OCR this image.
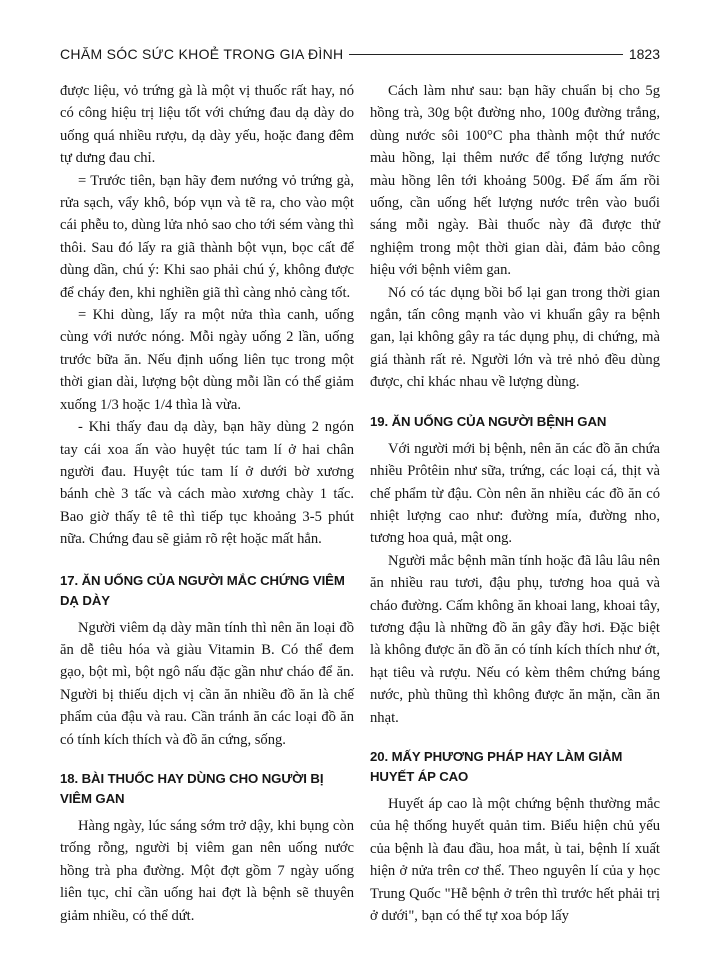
CHĂM SÓC SỨC KHOẺ TRONG GIA ĐÌNH	1823

được liệu, vỏ trứng gà là một vị thuốc rất hay, nó có công hiệu trị liệu tốt với chứng đau dạ dày do uống quá nhiều rượu, dạ dày yếu, hoặc đang đêm tự dưng đau chỉ.

= Trước tiên, bạn hãy đem nướng vỏ trứng gà, rửa sạch, vẩy khô, bóp vụn và tẽ ra, cho vào một cái phễu to, dùng lửa nhỏ sao cho tới sém vàng thì thôi. Sau đó lấy ra giã thành bột vụn, bọc cất để dùng dần, chú ý: Khi sao phải chú ý, không được để cháy đen, khi nghiền giã thì càng nhỏ càng tốt.

= Khi dùng, lấy ra một nửa thìa canh, uống cùng với nước nóng. Mỗi ngày uống 2 lần, uống trước bữa ăn. Nếu định uống liên tục trong một thời gian dài, lượng bột dùng mỗi lần có thể giảm xuống 1/3 hoặc 1/4 thìa là vừa.

- Khi thấy đau dạ dày, bạn hãy dùng 2 ngón tay cái xoa ấn vào huyệt túc tam lí ở hai chân người đau. Huyệt túc tam lí ở dưới bờ xương bánh chè 3 tấc và cách mào xương chày 1 tấc. Bao giờ thấy tê tê thì tiếp tục khoảng 3-5 phút nữa. Chứng đau sẽ giảm rõ rệt hoặc mất hẳn.

17. ĂN UỐNG CỦA NGƯỜI MẮC CHỨNG VIÊM DẠ DÀY

Người viêm dạ dày mãn tính thì nên ăn loại đồ ăn dễ tiêu hóa và giàu Vitamin B. Có thể đem gạo, bột mì, bột ngô nấu đặc gần như cháo để ăn. Người bị thiếu dịch vị cần ăn nhiều đồ ăn là chế phẩm của đậu và rau. Cần tránh ăn các loại đồ ăn có tính kích thích và đồ ăn cứng, sống.

18. BÀI THUỐC HAY DÙNG CHO NGƯỜI BỊ VIÊM GAN

Hàng ngày, lúc sáng sớm trở dậy, khi bụng còn trống rỗng, người bị viêm gan nên uống nước hồng trà pha đường. Một đợt gồm 7 ngày uống liên tục, chỉ cần uống hai đợt là bệnh sẽ thuyên giảm nhiều, có thể dứt.

Cách làm như sau: bạn hãy chuẩn bị cho 5g hồng trà, 30g bột đường nho, 100g đường trắng, dùng nước sôi 100°C pha thành một thứ nước màu hồng, lại thêm nước để tổng lượng nước màu hồng lên tới khoảng 500g. Để ấm ấm rồi uống, cần uống hết lượng nước trên vào buổi sáng mỗi ngày. Bài thuốc này đã được thử nghiệm trong một thời gian dài, đảm bảo công hiệu với bệnh viêm gan.

Nó có tác dụng bồi bổ lại gan trong thời gian ngắn, tấn công mạnh vào vi khuẩn gây ra bệnh gan, lại không gây ra tác dụng phụ, di chứng, mà giá thành rất rẻ. Người lớn và trẻ nhỏ đều dùng được, chỉ khác nhau về lượng dùng.

19. ĂN UỐNG CỦA NGƯỜI BỆNH GAN

Với người mới bị bệnh, nên ăn các đồ ăn chứa nhiều Prôtêin như sữa, trứng, các loại cá, thịt và chế phẩm từ đậu. Còn nên ăn nhiều các đồ ăn có nhiệt lượng cao như: đường mía, đường nho, tương hoa quả, mật ong.

Người mắc bệnh mãn tính hoặc đã lâu lâu nên ăn nhiều rau tươi, đậu phụ, tương hoa quả và cháo đường. Cấm không ăn khoai lang, khoai tây, tương đậu là những đồ ăn gây đầy hơi. Đặc biệt là không được ăn đồ ăn có tính kích thích như ớt, hạt tiêu và rượu. Nếu có kèm thêm chứng báng nước, phù thũng thì không được ăn mặn, cần ăn nhạt.

20. MẤY PHƯƠNG PHÁP HAY LÀM GIẢM HUYẾT ÁP CAO

Huyết áp cao là một chứng bệnh thường mắc của hệ thống huyết quản tim. Biểu hiện chủ yếu của bệnh là đau đầu, hoa mắt, ù tai, bệnh lí xuất hiện ở nửa trên cơ thể. Theo nguyên lí của y học Trung Quốc "Hễ bệnh ở trên thì trước hết phải trị ở dưới", bạn có thể tự xoa bóp lấy
